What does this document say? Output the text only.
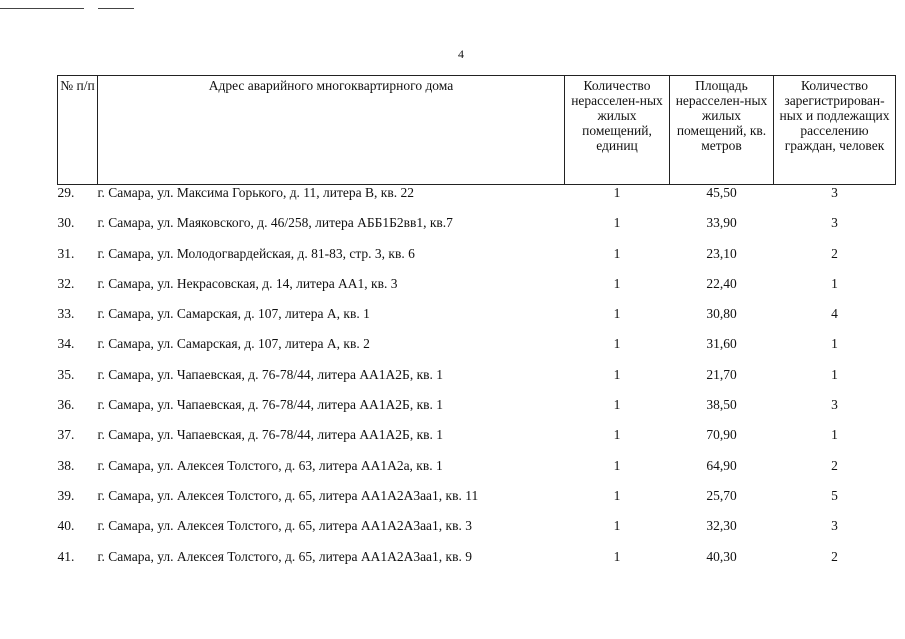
4
№ п/п	Адрес аварийного многоквартирного дома	Количество нерасселен-ных жилых помещений, единиц	Площадь нерасселен-ных жилых помещений, кв. метров	Количество зарегистрирован-ных и подлежащих расселению граждан, человек
29.	г. Самара, ул. Максима Горького, д. 11, литера В, кв. 22	1	45,50	3
30.	г. Самара, ул. Маяковского, д. 46/258, литера АББ1Б2вв1, кв.7	1	33,90	3
31.	г. Самара, ул. Молодогвардейская, д. 81-83, стр. 3, кв. 6	1	23,10	2
32.	г. Самара, ул. Некрасовская, д. 14, литера АА1, кв. 3	1	22,40	1
33.	г. Самара, ул. Самарская, д. 107, литера А, кв. 1	1	30,80	4
34.	г. Самара, ул. Самарская, д. 107, литера А, кв. 2	1	31,60	1
35.	г. Самара, ул. Чапаевская, д. 76-78/44, литера АА1А2Б, кв. 1	1	21,70	1
36.	г. Самара, ул. Чапаевская, д. 76-78/44, литера АА1А2Б, кв. 1	1	38,50	3
37.	г. Самара, ул. Чапаевская, д. 76-78/44, литера АА1А2Б, кв. 1	1	70,90	1
38.	г. Самара, ул. Алексея Толстого, д. 63, литера АА1А2а, кв. 1	1	64,90	2
39.	г. Самара, ул. Алексея Толстого, д. 65, литера АА1А2А3аа1, кв. 11	1	25,70	5
40.	г. Самара, ул. Алексея Толстого, д. 65, литера АА1А2А3аа1, кв. 3	1	32,30	3
41.	г. Самара, ул. Алексея Толстого, д. 65, литера АА1А2А3аа1, кв. 9	1	40,30	2
